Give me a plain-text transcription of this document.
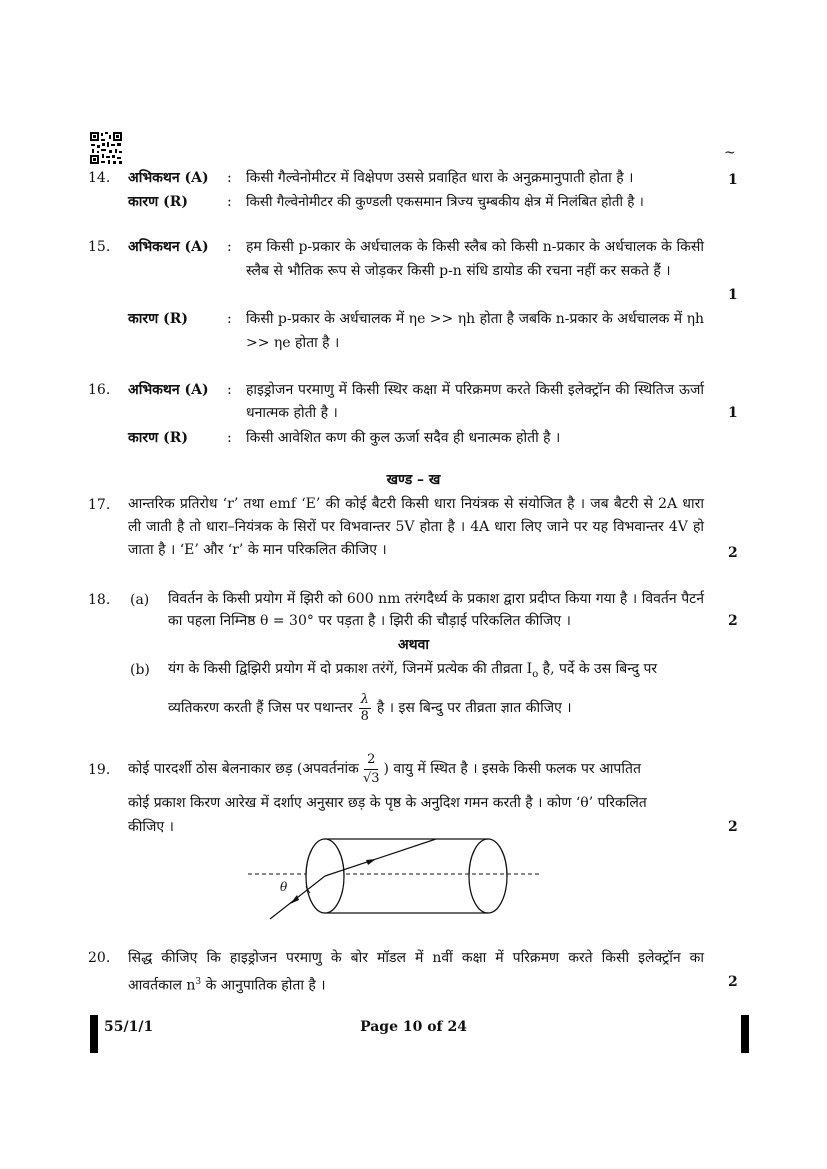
~
14. अभिकथन (A) : किसी गैल्वेनोमीटर में विक्षेपण उससे प्रवाहित धारा के अनुक्रमानुपाती होता है ।	1
कारण (R)	: किसी गैल्वेनोमीटर की कुण्डली एकसमान त्रिज्य चुम्बकीय क्षेत्र में निलंबित होती है ।
15. अभिकथन (A) : हम किसी p-प्रकार के अर्धचालक के किसी स्लैब को किसी n-प्रकार के अर्धचालक के किसी स्लैब से भौतिक रूप से जोड़कर किसी p-n संधि डायोड की रचना नहीं कर सकते हैं ।
1
कारण (R)	: किसी p-प्रकार के अर्धचालक में ηe >> ηh होता है जबकि n-प्रकार के अर्धचालक में ηh >> ηe होता है ।
16. अभिकथन (A) : हाइड्रोजन परमाणु में किसी स्थिर कक्षा में परिक्रमण करते किसी इलेक्ट्रॉन की स्थितिज ऊर्जा धनात्मक होती है ।	1
कारण (R)	: किसी आवेशित कण की कुल ऊर्जा सदैव ही धनात्मक होती है ।
खण्ड – ख
17. आन्तरिक प्रतिरोध ‘r’ तथा emf ‘E’ की कोई बैटरी किसी धारा नियंत्रक से संयोजित है । जब बैटरी से 2A धारा ली जाती है तो धारा–नियंत्रक के सिरों पर विभवान्तर 5V होता है । 4A धारा लिए जाने पर यह विभवान्तर 4V हो जाता है । ‘E’ और ‘r’ के मान परिकलित कीजिए ।	2
18. (a) विवर्तन के किसी प्रयोग में झिरी को 600 nm तरंगदैर्ध्य के प्रकाश द्वारा प्रदीप्त किया गया है । विवर्तन पैटर्न का पहला निम्निष्ठ θ = 30° पर पड़ता है । झिरी की चौड़ाई परिकलित कीजिए ।	2
अथवा
(b) यंग के किसी द्विझिरी प्रयोग में दो प्रकाश तरंगें, जिनमें प्रत्येक की तीव्रता $I_o$ है, पर्दे के उस बिन्दु पर
व्यतिकरण करती हैं जिस पर पथान्तर
λ
8 है । इस बिन्दु पर तीव्रता ज्ञात कीजिए ।
19. कोई पारदर्शी ठोस बेलनाकार छड़ (अपवर्तनांक
2
√3
) वायु में स्थित है । इसके किसी फलक पर आपतित
कोई प्रकाश किरण आरेख में दर्शाए अनुसार छड़ के पृष्ठ के अनुदिश गमन करती है । कोण ‘θ’ परिकलित
कीजिए ।	2
θ
20. सिद्ध कीजिए कि हाइड्रोजन परमाणु के बोर मॉडल में nवीं कक्षा में परिक्रमण करते किसी इलेक्ट्रॉन का
आवर्तकाल $n^3$ के आनुपातिक होता है ।	2
55/1/1	Page 10 of 24
